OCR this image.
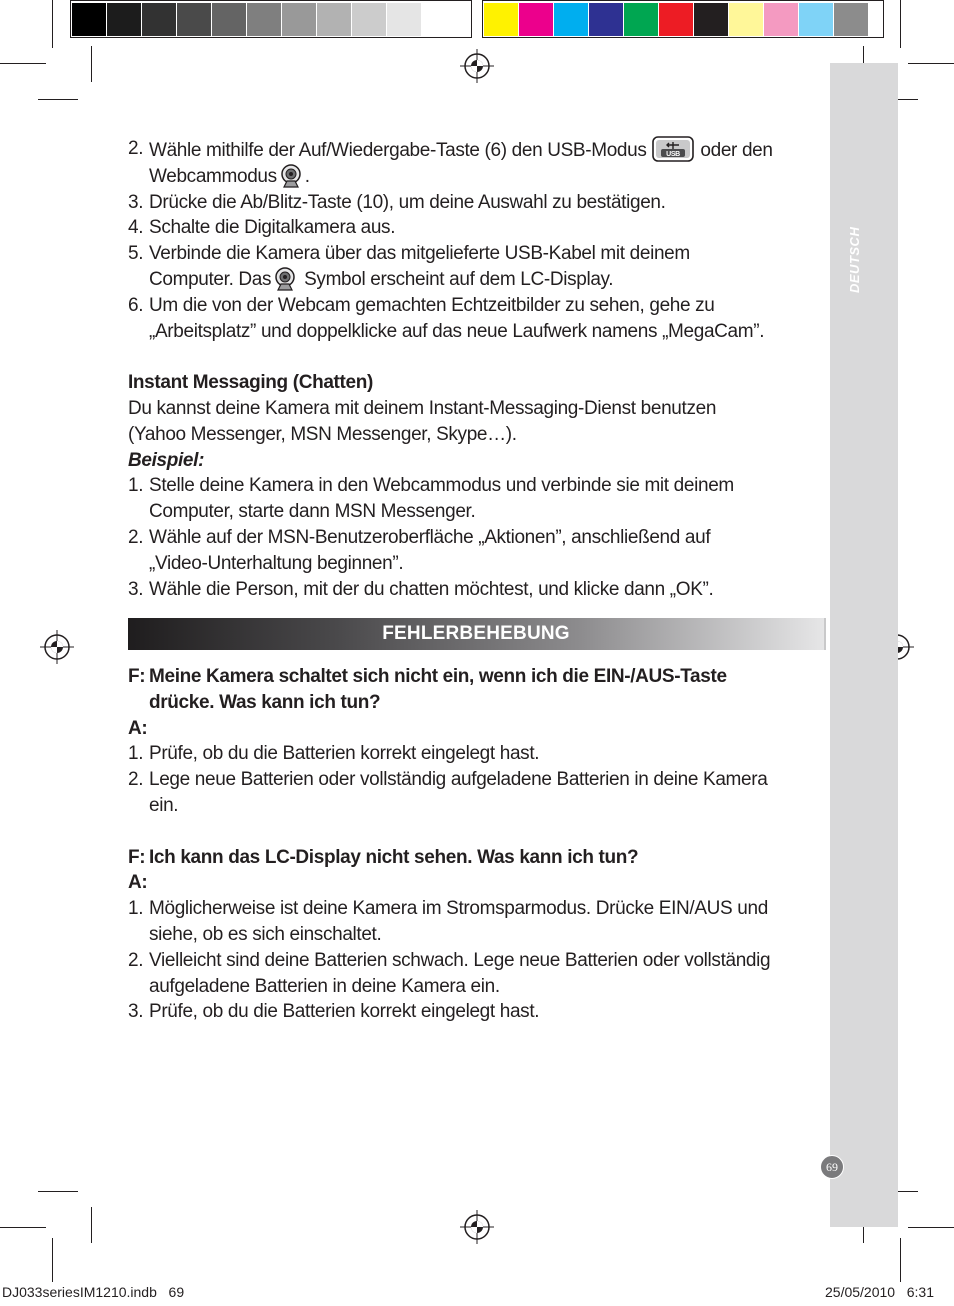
DEUTSCH
69
2. Wähle mithilfe der Auf/Wiedergabe-Taste (6) den USB-Modus	USB oder den
Webcammodus .
3. Drücke die Ab/Blitz-Taste (10), um deine Auswahl zu bestätigen.
4. Schalte die Digitalkamera aus.
5. Verbinde die Kamera über das mitgelieferte USB-Kabel mit deinem
Computer. Das Symbol erscheint auf dem LC-Display.
6. Um die von der Webcam gemachten Echtzeitbilder zu sehen, gehe zu
„Arbeitsplatz” und doppelklicke auf das neue Laufwerk namens „MegaCam”.
Instant Messaging (Chatten)
Du kannst deine Kamera mit deinem Instant-Messaging-Dienst benutzen
(Yahoo Messenger, MSN Messenger, Skype…).
Beispiel:
1. Stelle deine Kamera in den Webcammodus und verbinde sie mit deinem
Computer, starte dann MSN Messenger.
2. Wähle auf der MSN-Benutzeroberfläche „Aktionen”, anschließend auf
„Video-Unterhaltung beginnen”.
3. Wähle die Person, mit der du chatten möchtest, und klicke dann „OK”.
FEHLERBEHEBUNG
F: Meine Kamera schaltet sich nicht ein, wenn ich die EIN-/AUS-Taste
drücke. Was kann ich tun?
A:
1. Prüfe, ob du die Batterien korrekt eingelegt hast.
2. Lege neue Batterien oder vollständig aufgeladene Batterien in deine Kamera
ein.
F: Ich kann das LC-Display nicht sehen. Was kann ich tun?
A:
1. Möglicherweise ist deine Kamera im Stromsparmodus. Drücke EIN/AUS und
siehe, ob es sich einschaltet.
2. Vielleicht sind deine Batterien schwach. Lege neue Batterien oder vollständig
aufgeladene Batterien in deine Kamera ein.
3. Prüfe, ob du die Batterien korrekt eingelegt hast.
DJ033seriesIM1210.indb   69	25/05/2010   6:31
